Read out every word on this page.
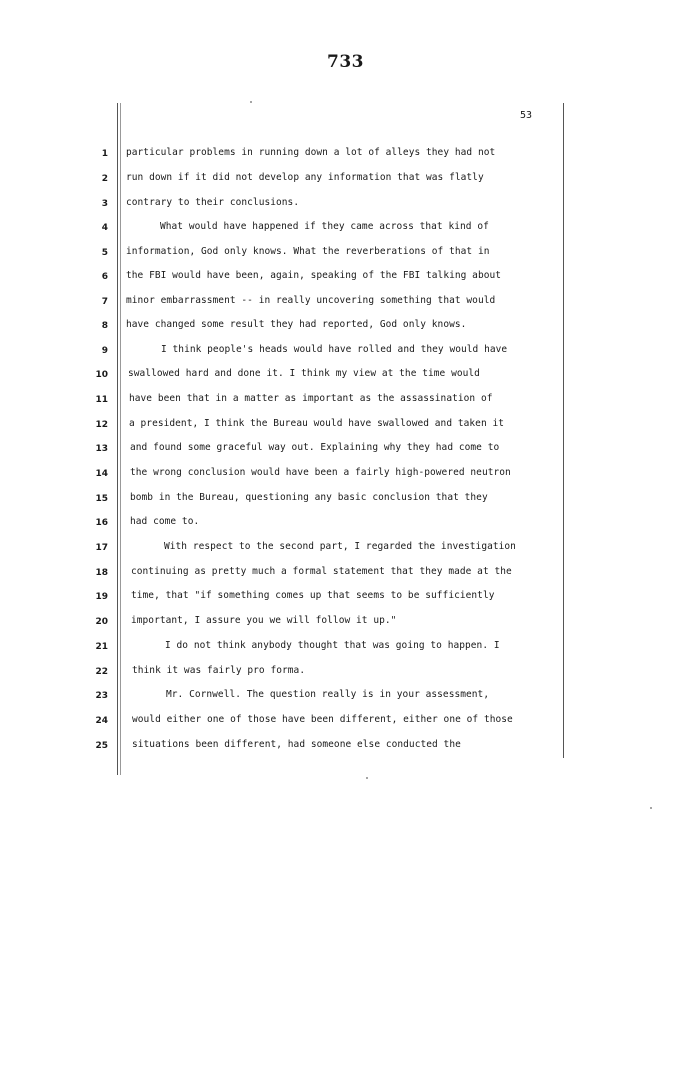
733
53
1 particular problems in running down a lot of alleys they had not
2 run down if it did not develop any information that was flatly
3 contrary to their conclusions.
4	What would have happened if they came across that kind of
5 information, God only knows. What the reverberations of that in
6 the FBI would have been, again, speaking of the FBI talking about
7 minor embarrassment -- in really uncovering something that would
8 have changed some result they had reported, God only knows.
9	I think people's heads would have rolled and they would have
10 swallowed hard and done it. I think my view at the time would
11 have been that in a matter as important as the assassination of
12 a president, I think the Bureau would have swallowed and taken it
13 and found some graceful way out. Explaining why they had come to
14 the wrong conclusion would have been a fairly high-powered neutron
15 bomb in the Bureau, questioning any basic conclusion that they
16 had come to.
17	With respect to the second part, I regarded the investigation
18 continuing as pretty much a formal statement that they made at the
19 time, that "if something comes up that seems to be sufficiently
20 important, I assure you we will follow it up."
21	I do not think anybody thought that was going to happen. I
22	think it was fairly pro forma.
23	Mr. Cornwell. The question really is in your assessment,
24	would either one of those have been different, either one of those
25	situations been different, had someone else conducted the
